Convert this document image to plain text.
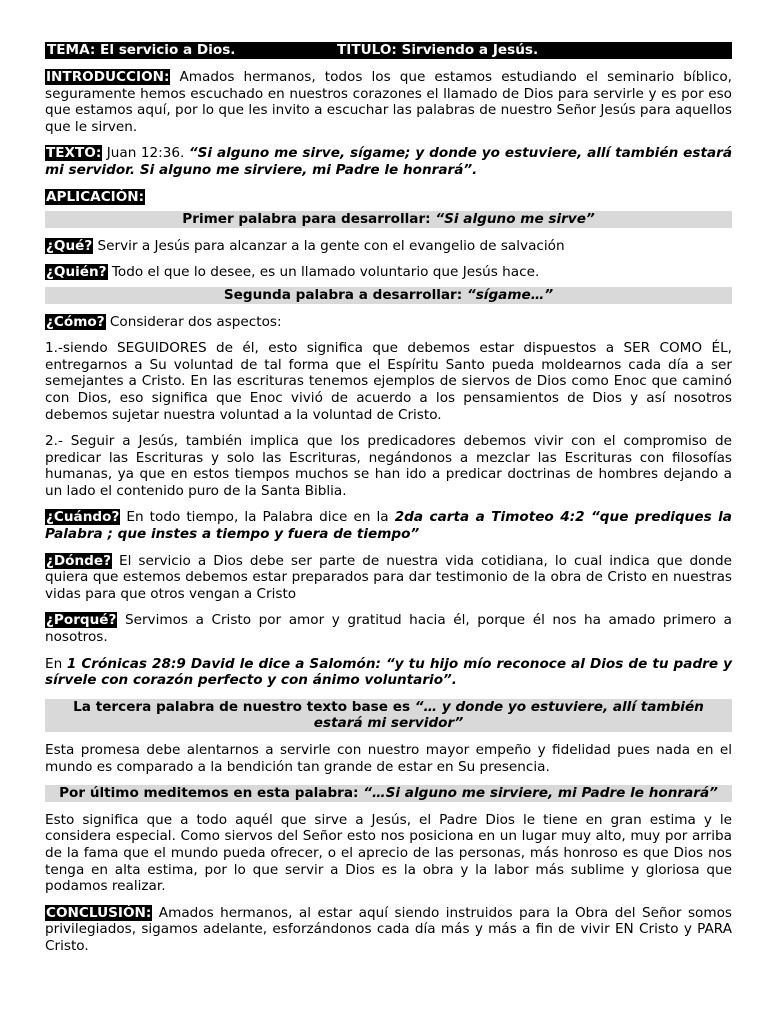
TEMA: El servicio a Dios.	TITULO: Sirviendo a Jesús.

INTRODUCCION: Amados hermanos, todos los que estamos estudiando el seminario bíblico, seguramente hemos escuchado en nuestros corazones el llamado de Dios para servirle y es por eso que estamos aquí, por lo que les invito a escuchar las palabras de nuestro Señor Jesús para aquellos que le sirven.

TEXTO: Juan 12:36. “Si alguno me sirve, sígame; y donde yo estuviere, allí también estará mi servidor. Si alguno me sirviere, mi Padre le honrará”.

APLICACIÓN:

Primer palabra para desarrollar: “Si alguno me sirve”

¿Qué? Servir a Jesús para alcanzar a la gente con el evangelio de salvación

¿Quién? Todo el que lo desee, es un llamado voluntario que Jesús hace.

Segunda palabra a desarrollar: “sígame…”

¿Cómo? Considerar dos aspectos:

1.-siendo SEGUIDORES de él, esto significa que debemos estar dispuestos a SER COMO ÉL, entregarnos a Su voluntad de tal forma que el Espíritu Santo pueda moldearnos cada día a ser semejantes a Cristo. En las escrituras tenemos ejemplos de siervos de Dios como Enoc que caminó con Dios, eso significa que Enoc vivió de acuerdo a los pensamientos de Dios y así nosotros debemos sujetar nuestra voluntad a la voluntad de Cristo.

2.- Seguir a Jesús, también implica que los predicadores debemos vivir con el compromiso de predicar las Escrituras y solo las Escrituras, negándonos a mezclar las Escrituras con filosofías humanas, ya que en estos tiempos muchos se han ido a predicar doctrinas de hombres dejando a un lado el contenido puro de la Santa Biblia.

¿Cuándo? En todo tiempo, la Palabra dice en la 2da carta a Timoteo 4:2 “que prediques la Palabra ; que instes a tiempo y fuera de tiempo”

¿Dónde? El servicio a Dios debe ser parte de nuestra vida cotidiana, lo cual indica que donde quiera que estemos debemos estar preparados para dar testimonio de la obra de Cristo en nuestras vidas para que otros vengan a Cristo

¿Porqué? Servimos a Cristo por amor y gratitud hacia él, porque él nos ha amado primero a nosotros.

En 1 Crónicas 28:9 David le dice a Salomón: “y tu hijo mío reconoce al Dios de tu padre y sírvele con corazón perfecto y con ánimo voluntario”.

La tercera palabra de nuestro texto base es “… y donde yo estuviere, allí también estará mi servidor”

Esta promesa debe alentarnos a servirle con nuestro mayor empeño y fidelidad pues nada en el mundo es comparado a la bendición tan grande de estar en Su presencia.

Por último meditemos en esta palabra: “…Si alguno me sirviere, mi Padre le honrará”

Esto significa que a todo aquél que sirve a Jesús, el Padre Dios le tiene en gran estima y le considera especial. Como siervos del Señor esto nos posiciona en un lugar muy alto, muy por arriba de la fama que el mundo pueda ofrecer, o el aprecio de las personas, más honroso es que Dios nos tenga en alta estima, por lo que servir a Dios es la obra y la labor más sublime y gloriosa que podamos realizar.

CONCLUSIÓN: Amados hermanos, al estar aquí siendo instruidos para la Obra del Señor somos privilegiados, sigamos adelante, esforzándonos cada día más y más a fin de vivir EN Cristo y PARA Cristo.
